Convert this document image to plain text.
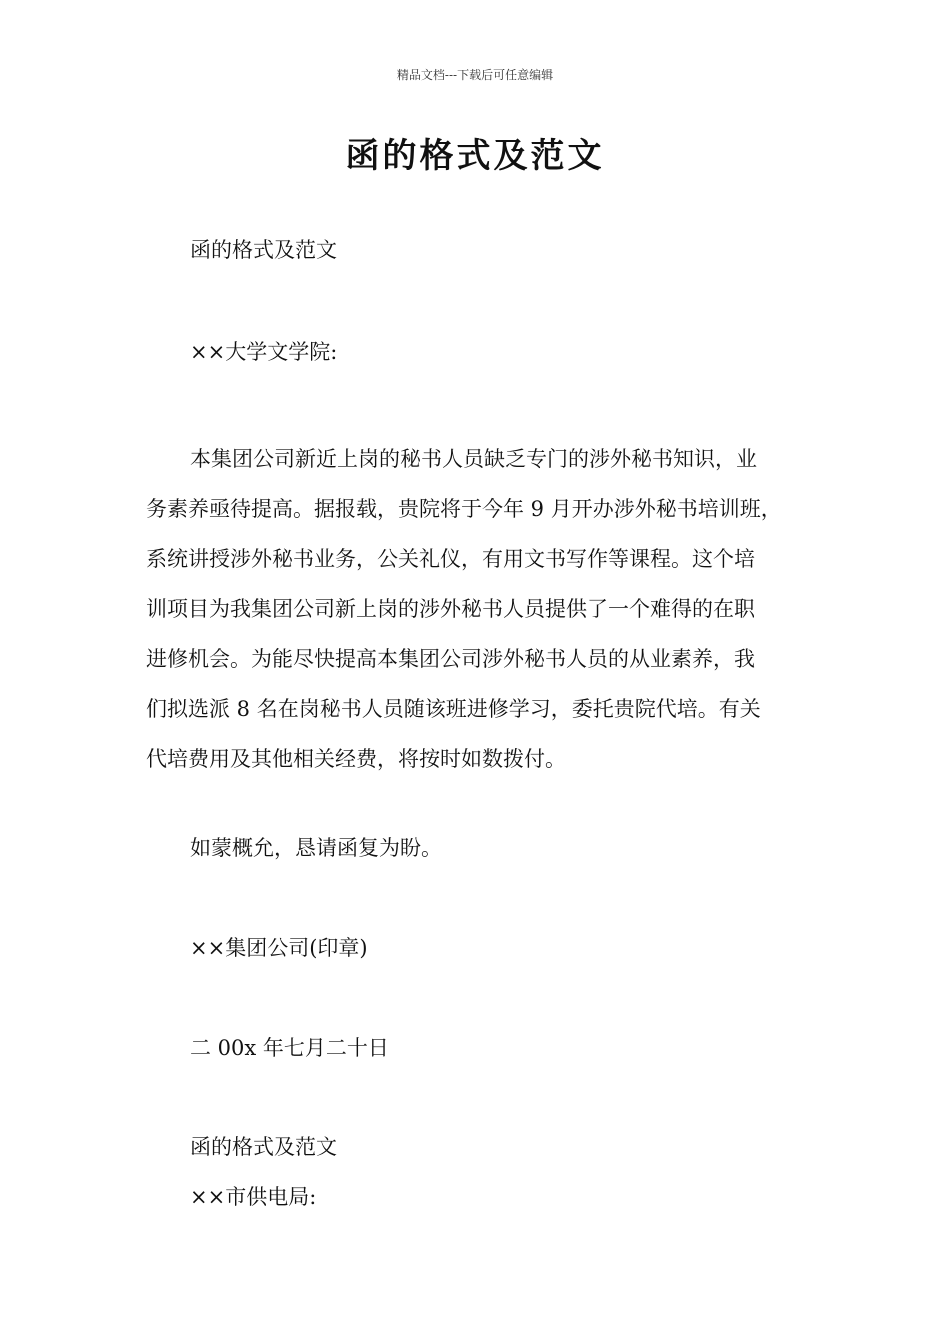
精品文档---下载后可任意编辑
函的格式及范文
函的格式及范文
××大学文学院:
本集团公司新近上岗的秘书人员缺乏专门的涉外秘书知识，业
务素养亟待提高。据报载，贵院将于今年 9 月开办涉外秘书培训班，
系统讲授涉外秘书业务，公关礼仪，有用文书写作等课程。这个培
训项目为我集团公司新上岗的涉外秘书人员提供了一个难得的在职
进修机会。为能尽快提高本集团公司涉外秘书人员的从业素养，我
们拟选派 8 名在岗秘书人员随该班进修学习，委托贵院代培。有关
代培费用及其他相关经费，将按时如数拨付。
如蒙概允，恳请函复为盼。
××集团公司(印章)
二 00x 年七月二十日
函的格式及范文
××市供电局:
